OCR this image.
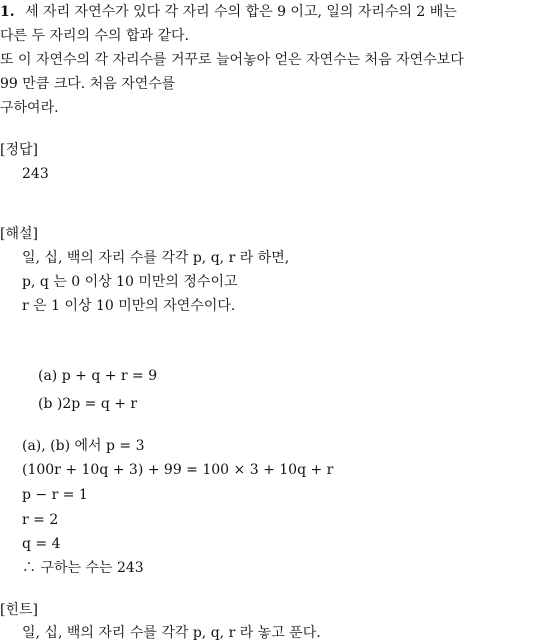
1. 세 자리 자연수가 있다 각 자리 수의 합은 9 이고, 일의 자리수의 2 배는
다른 두 자리의 수의 합과 같다.
또 이 자연수의 각 자리수를 거꾸로 늘어놓아 얻은 자연수는 처음 자연수보다
99 만큼 크다. 처음 자연수를
구하여라.
[정답]
243
[해설]
일, 십, 백의 자리 수를 각각 p, q, r 라 하면,
p, q 는 0 이상 10 미만의 정수이고
r 은 1 이상 10 미만의 자연수이다.
(a) p + q + r = 9
(b )2p = q + r
(a), (b) 에서 p = 3
(100r + 10q + 3) + 99 = 100 × 3 + 10q + r
p − r = 1
r = 2
q = 4
∴ 구하는 수는 243
[힌트]
일, 십, 백의 자리 수를 각각 p, q, r 라 놓고 푼다.
